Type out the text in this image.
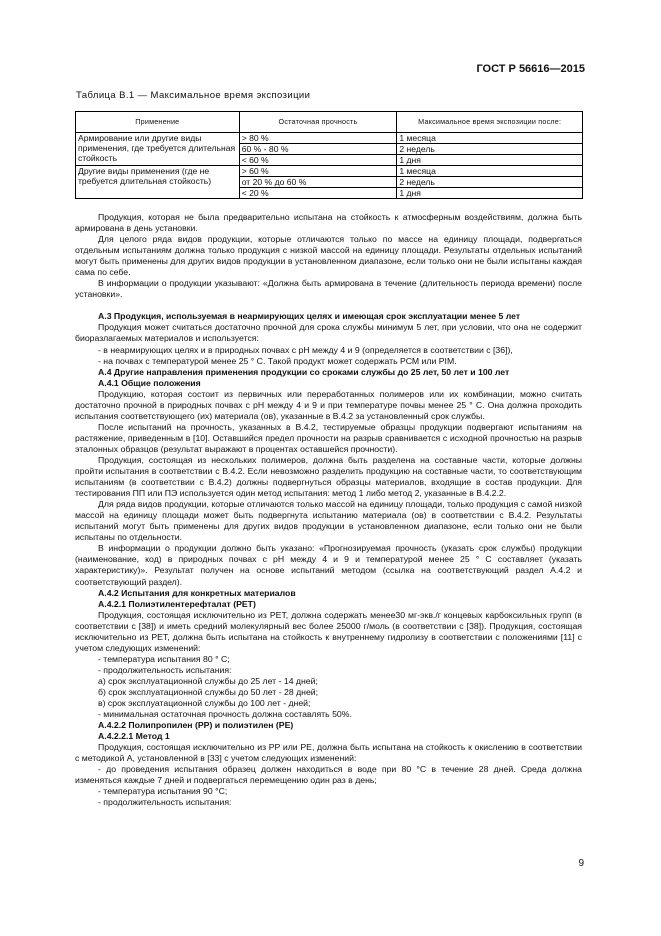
ГОСТ Р 56616—2015
Таблица В.1 — Максимальное время экспозиции
Применение	Остаточная прочность	Максимальное время экспозиции после:
Армирование или другие виды применения, где требуется длительная стойкость	> 80 %	1 месяца
	60 % - 80 %	2 недель
	< 60 %	1 дня
Другие виды применения (где не требуется длительная стойкость)	> 60 %	1 месяца
	от 20 % до 60 %	2 недель
	< 20 %	1 дня

Продукция, которая не была предварительно испытана на стойкость к атмосферным воздействиям, должна быть армирована в день установки.

Для целого ряда видов продукции, которые отличаются только по массе на единицу площади, подвергаться отдельным испытаниям должна только продукция с низкой массой на единицу площади. Результаты отдельных испытаний могут быть применены для других видов продукции в установленном диапазоне, если только они не были испытаны каждая сама по себе.

В информации о продукции указывают: «Должна быть армирована в течение (длительность периода времени) после установки».

А.3 Продукция, используемая в неармирующих целях и имеющая срок эксплуатации менее 5 лет

Продукция может считаться достаточно прочной для срока службы минимум 5 лет, при условии, что она не содержит биоразлагаемых материалов и используется:

- в неармирующих целях и в природных почвах с pH между 4 и 9 (определяется в соответствии с [36]),

- на почвах с температурой менее 25 ° С. Такой продукт может содержать РСМ или PIM.

А.4 Другие направления применения продукции со сроками службы до 25 лет, 50 лет и 100 лет

А.4.1 Общие положения

Продукцию, которая состоит из первичных или переработанных полимеров или их комбинации, можно считать достаточно прочной в природных почвах с pH между 4 и 9 и при температуре почвы менее 25 ° С. Она должна проходить испытания соответствующего (их) материала (ов), указанные в В.4.2 за установленный срок службы.

После испытаний на прочность, указанных в В.4.2, тестируемые образцы продукции подвергают испытаниям на растяжение, приведенным в [10]. Оставшийся предел прочности на разрыв сравнивается с исходной прочностью на разрыв эталонных образцов (результат выражают в процентах оставшейся прочности).

Продукция, состоящая из нескольких полимеров, должна быть разделена на составные части, которые должны пройти испытания в соответствии с В.4.2. Если невозможно разделить продукцию на составные части, то соответствующим испытаниям (в соответствии с В.4.2) должны подвергнуться образцы материалов, входящие в состав продукции. Для тестирования ПП или ПЭ используется один метод испытания: метод 1 либо метод 2, указанные в В.4.2.2.

Для ряда видов продукции, которые отличаются только массой на единицу площади, только продукция с самой низкой массой на единицу площади может быть подвергнута испытанию материала (ов) в соответствии с В.4.2. Результаты испытаний могут быть применены для других видов продукции в установленном диапазоне, если только они не были испытаны по отдельности.

В информации о продукции должно быть указано: «Прогнозируемая прочность (указать срок службы) продукции (наименование, код) в природных почвах с pH между 4 и 9 и температурой менее 25 ° С составляет (указать характеристику)». Результат получен на основе испытаний методом (ссылка на соответствующий раздел А.4.2 и соответствующий раздел).

А.4.2 Испытания для конкретных материалов

А.4.2.1 Полиэтилентерефталат (PET)

Продукция, состоящая исключительно из PET, должна содержать менее30 мг-экв./г концевых карбоксильных групп (в соответствии с [38]) и иметь средний молекулярный вес более 25000 г/моль (в соответствии с [38]). Продукция, состоящая исключительно из PET, должна быть испытана на стойкость к внутреннему гидролизу в соответствии с положениями [11] с учетом следующих изменений:

- температура испытания 80 ° С;

- продолжительность испытания:

а) срок эксплуатационной службы до 25 лет - 14 дней;

б) срок эксплуатационной службы до 50 лет - 28 дней;

в) срок эксплуатационной службы до 100 лет - дней;

- минимальная остаточная прочность должна составлять 50%.

А.4.2.2 Полипропилен (PP) и полиэтилен (PE)

А.4.2.2.1 Метод 1

Продукция, состоящая исключительно из PP или PE, должна быть испытана на стойкость к окислению в соответствии с методикой А, установленной в [33] с учетом следующих изменений:

- до проведения испытания образец должен находиться в воде при 80 °С в течение 28 дней. Среда должна изменяться каждые 7 дней и подвергаться перемещению один раз в день;

- температура испытания 90 °С;

- продолжительность испытания:

9
